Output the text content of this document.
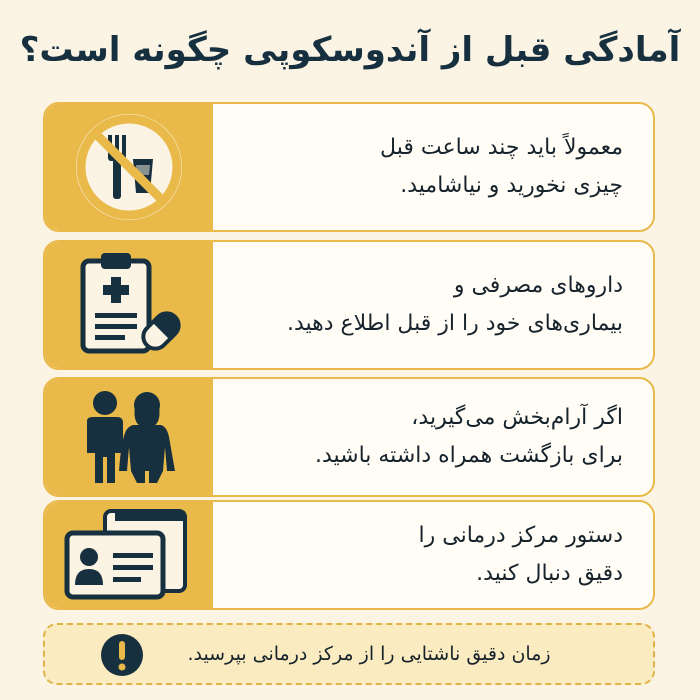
آمادگی قبل از آندوسکوپی چگونه است؟
معمولاً باید چند ساعت قبل
چیزی نخورید و نیاشامید.
داروهای مصرفی و
بیماری‌های خود را از قبل اطلاع دهید.
اگر آرام‌بخش می‌گیرید،
برای بازگشت همراه داشته باشید.
دستور مرکز درمانی را
دقیق دنبال کنید.
زمان دقیق ناشتایی را از مرکز درمانی بپرسید.
